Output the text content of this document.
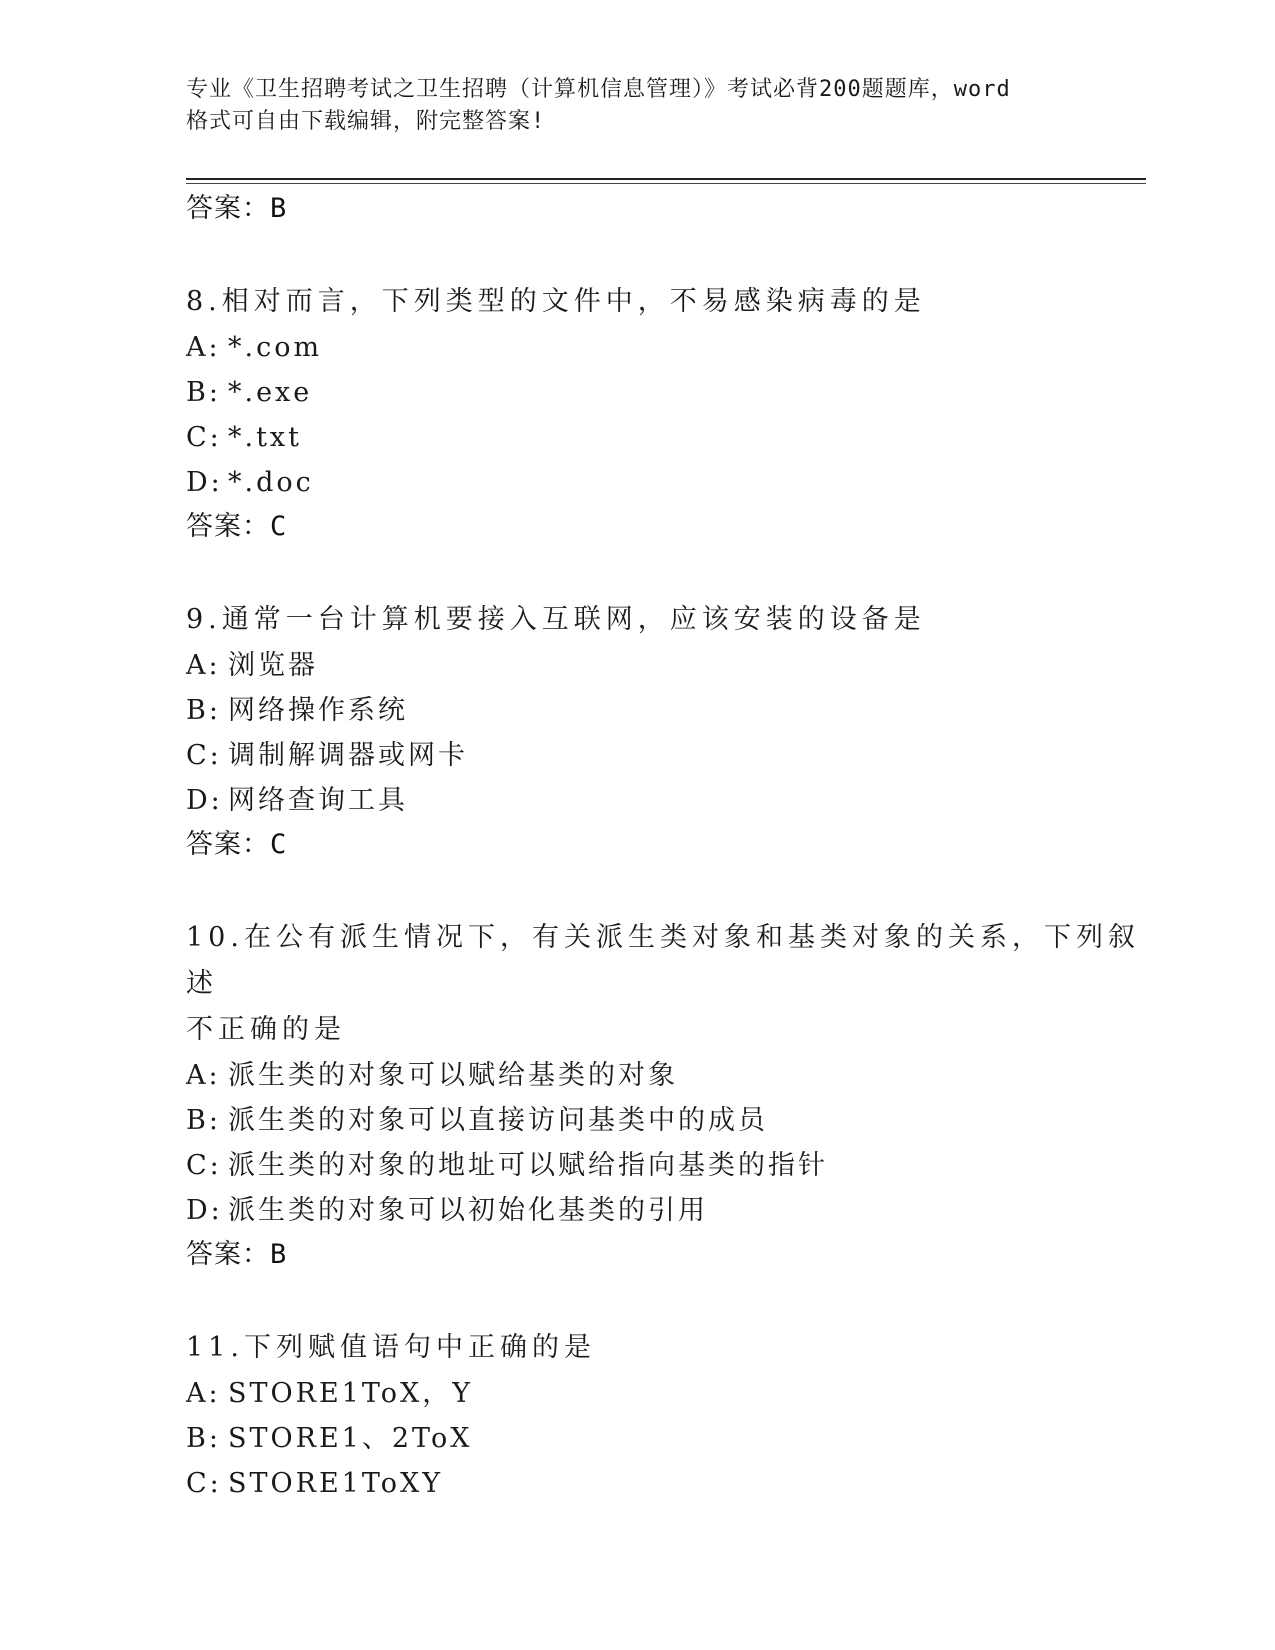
专业《卫生招聘考试之卫生招聘（计算机信息管理）》考试必背200题题库，word
格式可自由下载编辑，附完整答案!
答案：B
8.相对而言，下列类型的文件中，不易感染病毒的是
A: *.com
B: *.exe
C: *.txt
D: *.doc
答案：C
9.通常一台计算机要接入互联网，应该安装的设备是
A: 浏览器
B: 网络操作系统
C: 调制解调器或网卡
D: 网络查询工具
答案：C
10.在公有派生情况下，有关派生类对象和基类对象的关系，下列叙述
不正确的是
A: 派生类的对象可以赋给基类的对象
B: 派生类的对象可以直接访问基类中的成员
C: 派生类的对象的地址可以赋给指向基类的指针
D: 派生类的对象可以初始化基类的引用
答案：B
11.下列赋值语句中正确的是
A: STORE1ToX，Y
B: STORE1、2ToX
C: STORE1ToXY
